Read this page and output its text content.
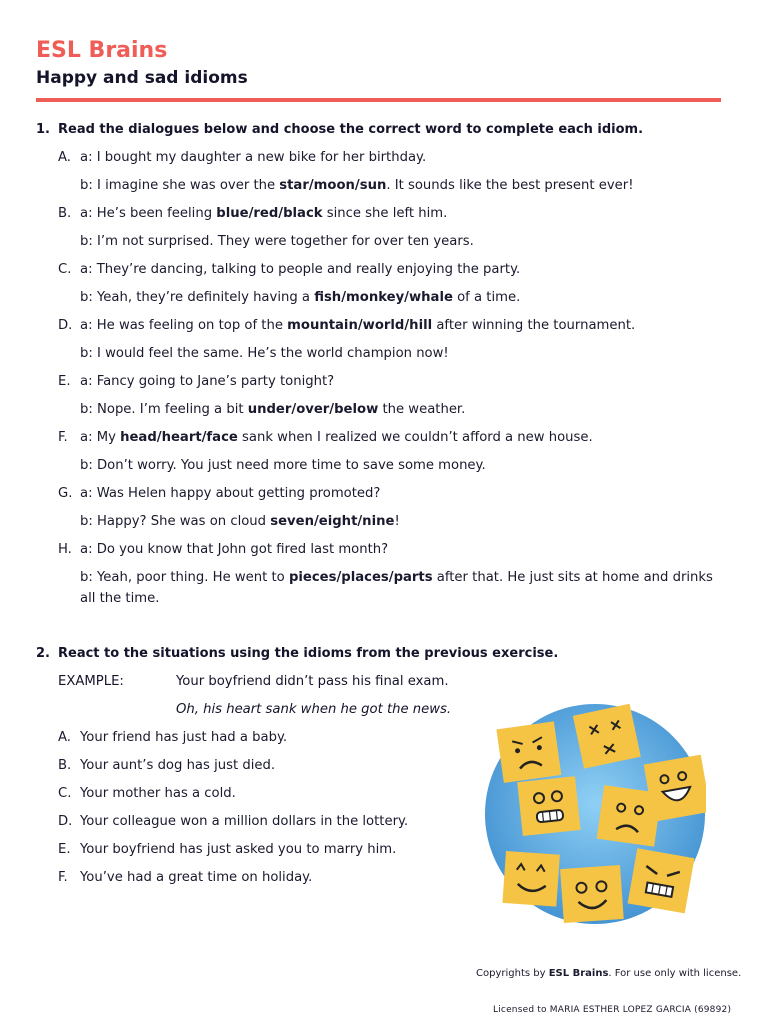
ESL Brains
Happy and sad idioms
1. Read the dialogues below and choose the correct word to complete each idiom.
A. a: I bought my daughter a new bike for her birthday.
b: I imagine she was over the star/moon/sun. It sounds like the best present ever!
B. a: He’s been feeling blue/red/black since she left him.
b: I’m not surprised. They were together for over ten years.
C. a: They’re dancing, talking to people and really enjoying the party.
b: Yeah, they’re definitely having a fish/monkey/whale of a time.
D. a: He was feeling on top of the mountain/world/hill after winning the tournament.
b: I would feel the same. He’s the world champion now!
E. a: Fancy going to Jane’s party tonight?
b: Nope. I’m feeling a bit under/over/below the weather.
F. a: My head/heart/face sank when I realized we couldn’t afford a new house.
b: Don’t worry. You just need more time to save some money.
G. a: Was Helen happy about getting promoted?
b: Happy? She was on cloud seven/eight/nine!
H. a: Do you know that John got fired last month?
b: Yeah, poor thing. He went to pieces/places/parts after that. He just sits at home and drinks all the time.
2. React to the situations using the idioms from the previous exercise.
EXAMPLE:	Your boyfriend didn’t pass his final exam.
Oh, his heart sank when he got the news.
A. Your friend has just had a baby.
B. Your aunt’s dog has just died.
C. Your mother has a cold.
D. Your colleague won a million dollars in the lottery.
E. Your boyfriend has just asked you to marry him.
F. You’ve had a great time on holiday.
Copyrights by ESL Brains. For use only with license.
Licensed to MARIA ESTHER LOPEZ GARCIA (69892)
